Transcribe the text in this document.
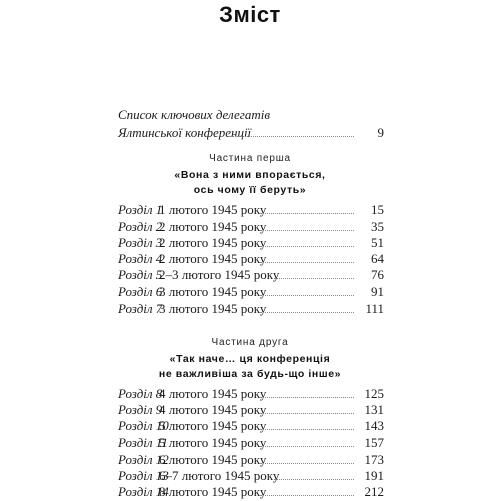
Зміст
Список ключових делегатів
Ялтинської конференції	9
Частина перша
«Вона з ними впорається,
ось чому її беруть»
Розділ 1
1 лютого 1945 року	15
Розділ 2
2 лютого 1945 року	35
Розділ 3
2 лютого 1945 року	51
Розділ 4
2 лютого 1945 року	64
Розділ 5
2–3 лютого 1945 року	76
Розділ 6
3 лютого 1945 року	91
Розділ 7
3 лютого 1945 року	111
Частина друга
«Так наче… ця конференція
не важливіша за будь-що інше»
Розділ 8
4 лютого 1945 року	125
Розділ 9
4 лютого 1945 року	131
Розділ 10
5 лютого 1945 року	143
Розділ 11
5 лютого 1945 року	157
Розділ 12
6 лютого 1945 року	173
Розділ 13
6–7 лютого 1945 року	191
Розділ 14
8 лютого 1945 року	212
